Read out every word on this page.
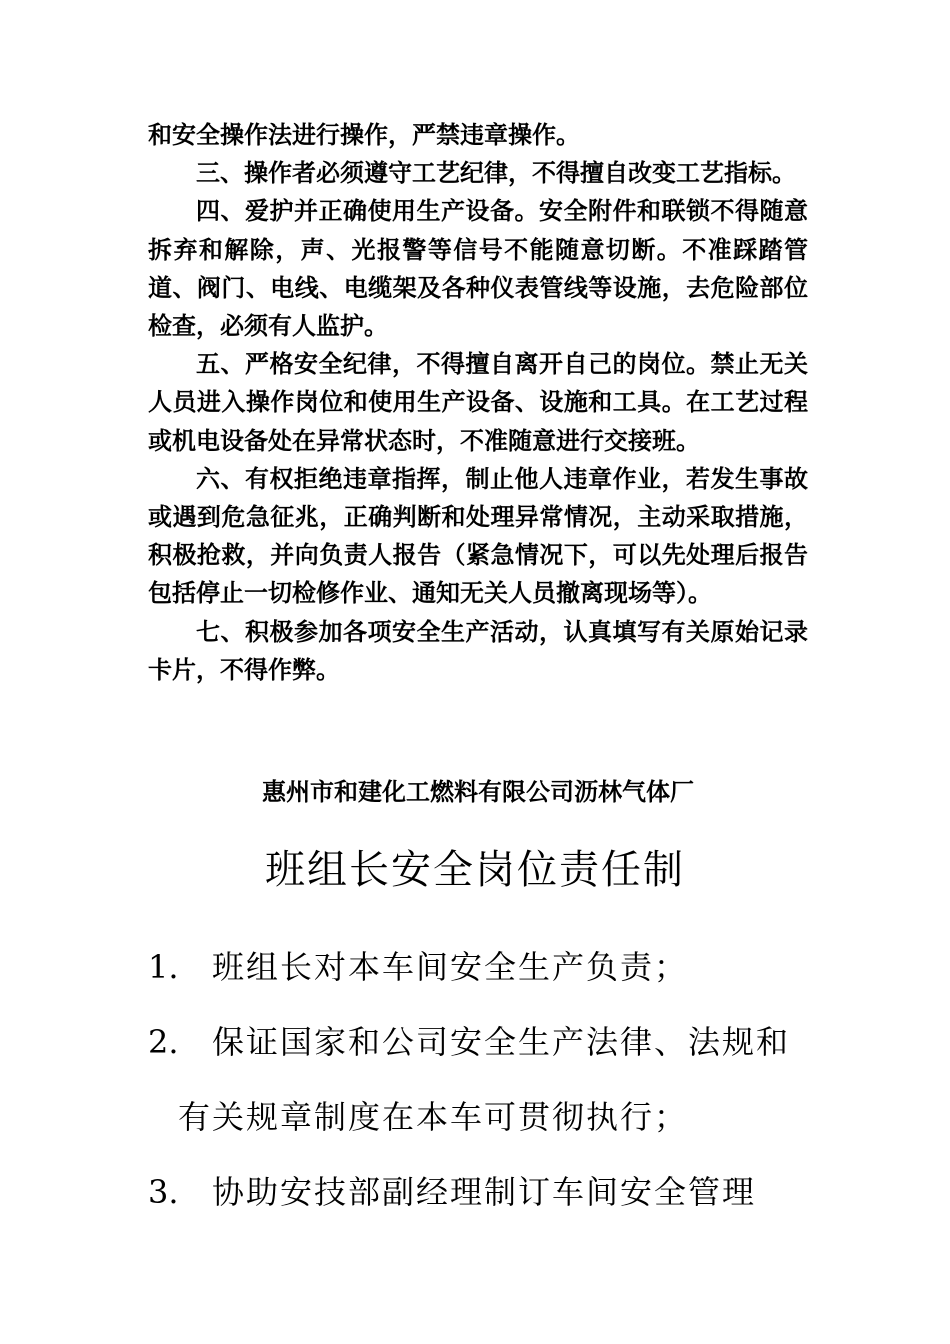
和安全操作法进行操作，严禁违章操作。

三、操作者必须遵守工艺纪律，不得擅自改变工艺指标。

四、爱护并正确使用生产设备。安全附件和联锁不得随意拆弃和解除，声、光报警等信号不能随意切断。不准踩踏管道、阀门、电线、电缆架及各种仪表管线等设施，去危险部位检查，必须有人监护。

五、严格安全纪律，不得擅自离开自己的岗位。禁止无关人员进入操作岗位和使用生产设备、设施和工具。在工艺过程或机电设备处在异常状态时，不准随意进行交接班。

六、有权拒绝违章指挥，制止他人违章作业，若发生事故或遇到危急征兆，正确判断和处理异常情况，主动采取措施，积极抢救，并向负责人报告（紧急情况下，可以先处理后报告包括停止一切检修作业、通知无关人员撤离现场等）。

七、积极参加各项安全生产活动，认真填写有关原始记录卡片，不得作弊。

惠州市和建化工燃料有限公司沥林气体厂
班组长安全岗位责任制
1. 班组长对本车间安全生产负责；
2. 保证国家和公司安全生产法律、法规和
有关规章制度在本车可贯彻执行；
3. 协助安技部副经理制订车间安全管理
